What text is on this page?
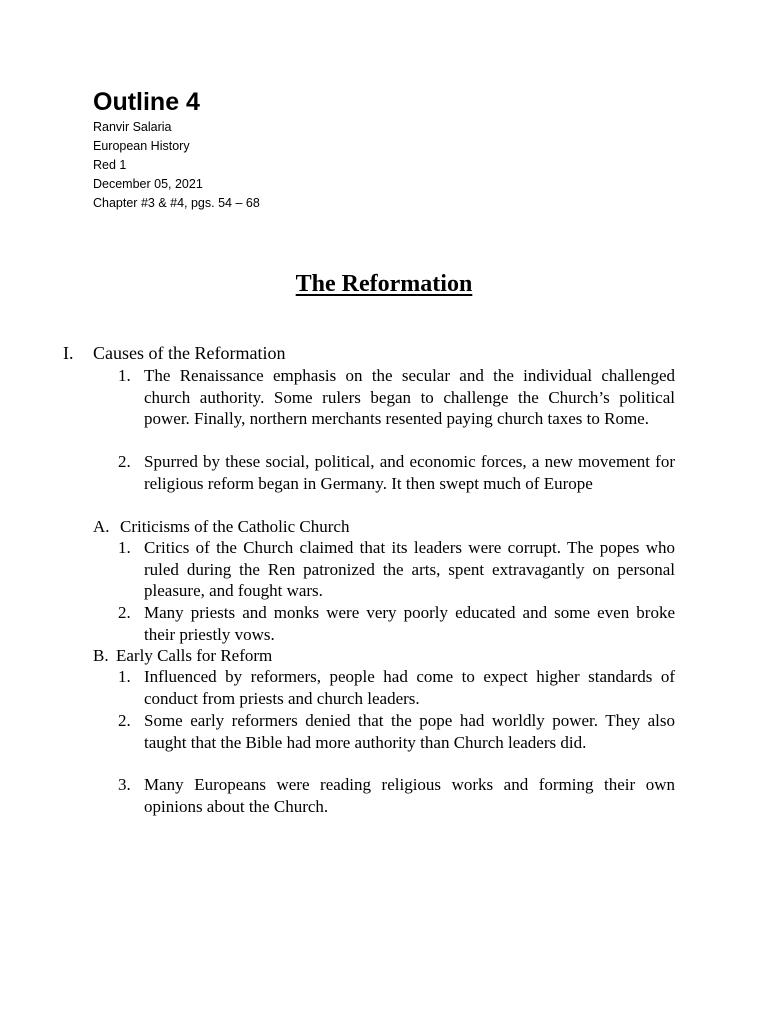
Outline 4
Ranvir Salaria
European History
Red 1
December 05, 2021
Chapter #3 & #4, pgs. 54 – 68
The Reformation
I. Causes of the Reformation
1. The Renaissance emphasis on the secular and the individual challenged church authority. Some rulers began to challenge the Church’s political power. Finally, northern merchants resented paying church taxes to Rome.
2. Spurred by these social, political, and economic forces, a new movement for religious reform began in Germany. It then swept much of Europe
A. Criticisms of the Catholic Church
1. Critics of the Church claimed that its leaders were corrupt. The popes who ruled during the Ren patronized the arts, spent extravagantly on personal pleasure, and fought wars.
2. Many priests and monks were very poorly educated and some even broke their priestly vows.
B. Early Calls for Reform
1. Influenced by reformers, people had come to expect higher standards of conduct from priests and church leaders.
2. Some early reformers denied that the pope had worldly power. They also taught that the Bible had more authority than Church leaders did.
3. Many Europeans were reading religious works and forming their own opinions about the Church.
